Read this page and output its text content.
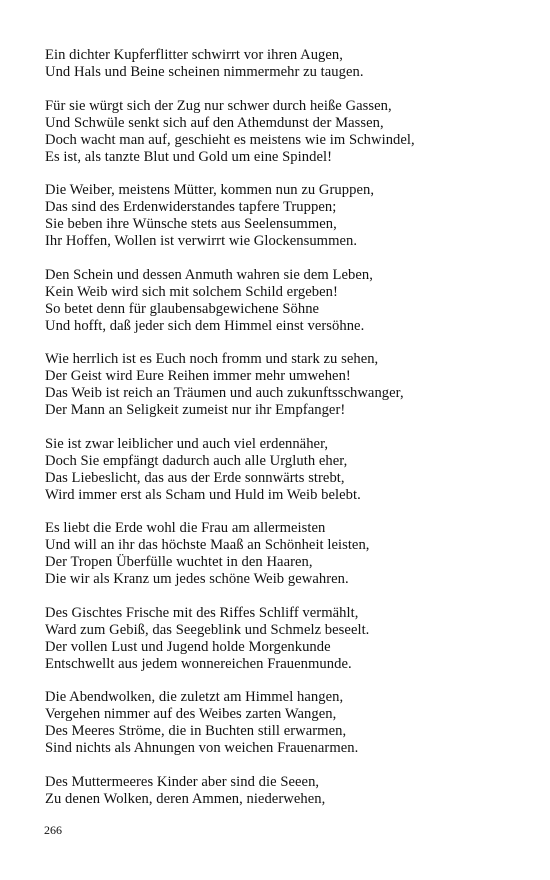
Ein dichter Kupferflitter schwirrt vor ihren Augen,
Und Hals und Beine scheinen nimmermehr zu taugen.
Für sie würgt sich der Zug nur schwer durch heiße Gassen,
Und Schwüle senkt sich auf den Athemdunst der Massen,
Doch wacht man auf, geschieht es meistens wie im Schwindel,
Es ist, als tanzte Blut und Gold um eine Spindel!
Die Weiber, meistens Mütter, kommen nun zu Gruppen,
Das sind des Erdenwiderstandes tapfere Truppen;
Sie beben ihre Wünsche stets aus Seelensummen,
Ihr Hoffen, Wollen ist verwirrt wie Glockensummen.
Den Schein und dessen Anmuth wahren sie dem Leben,
Kein Weib wird sich mit solchem Schild ergeben!
So betet denn für glaubensabgewichene Söhne
Und hofft, daß jeder sich dem Himmel einst versöhne.
Wie herrlich ist es Euch noch fromm und stark zu sehen,
Der Geist wird Eure Reihen immer mehr umwehen!
Das Weib ist reich an Träumen und auch zukunftsschwanger,
Der Mann an Seligkeit zumeist nur ihr Empfanger!
Sie ist zwar leiblicher und auch viel erdennäher,
Doch Sie empfängt dadurch auch alle Urgluth eher,
Das Liebeslicht, das aus der Erde sonnwärts strebt,
Wird immer erst als Scham und Huld im Weib belebt.
Es liebt die Erde wohl die Frau am allermeisten
Und will an ihr das höchste Maaß an Schönheit leisten,
Der Tropen Überfülle wuchtet in den Haaren,
Die wir als Kranz um jedes schöne Weib gewahren.
Des Gischtes Frische mit des Riffes Schliff vermählt,
Ward zum Gebiß, das Seegeblink und Schmelz beseelt.
Der vollen Lust und Jugend holde Morgenkunde
Entschwellt aus jedem wonnereichen Frauenmunde.
Die Abendwolken, die zuletzt am Himmel hangen,
Vergehen nimmer auf des Weibes zarten Wangen,
Des Meeres Ströme, die in Buchten still erwarmen,
Sind nichts als Ahnungen von weichen Frauenarmen.
Des Muttermeeres Kinder aber sind die Seeen,
Zu denen Wolken, deren Ammen, niederwehen,
266
